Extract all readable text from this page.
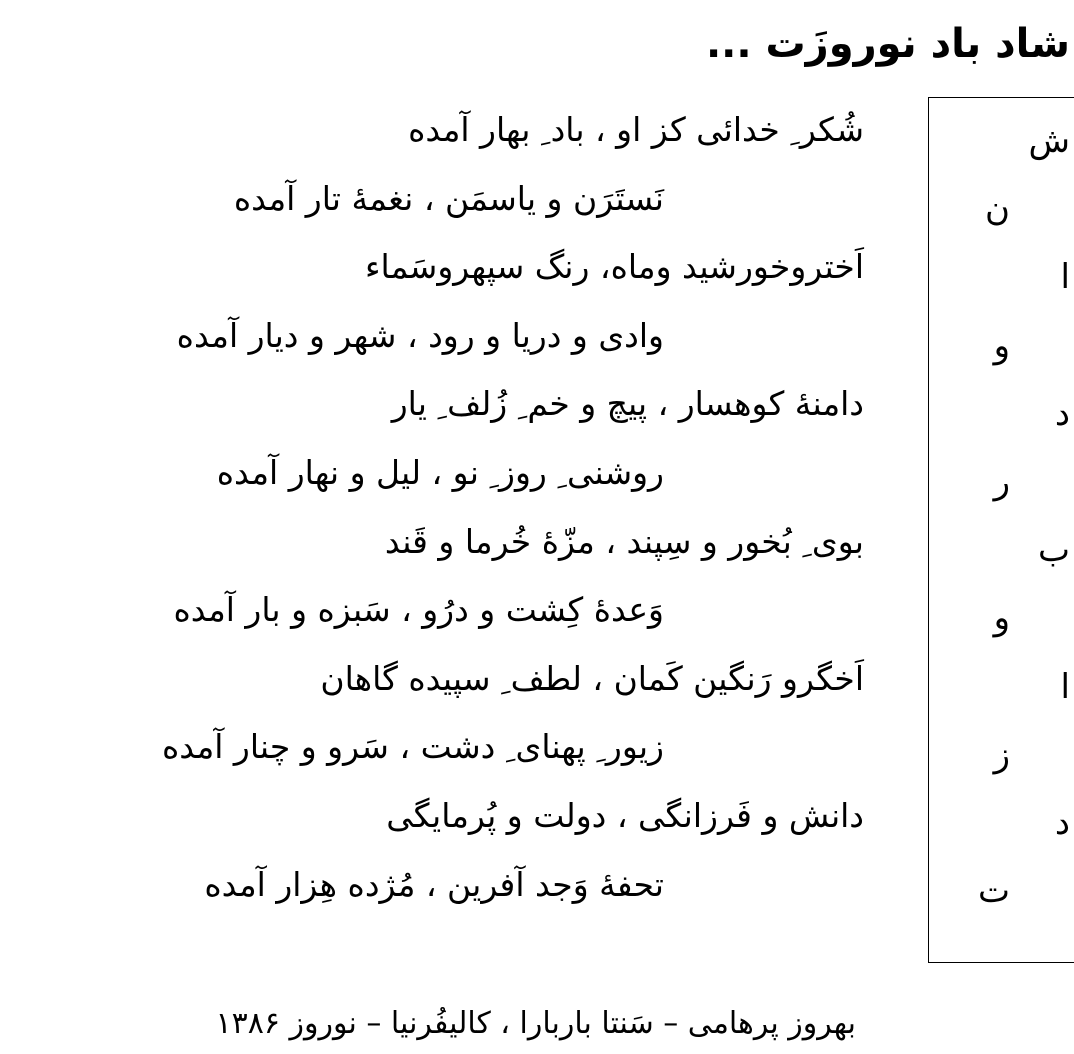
شاد باد نوروزَت ...
ش
ن
ا
و
د
ر
ب
و
ا
ز
د
ت
شُکر ِ خدائی کز او ، باد ِ بهار آمده
نَستَرَن و یاسمَن ، نغمهٔ تار آمده
اَختروخورشید وماه، رنگ سپهروسَماء
وادی و دریا و رود ، شهر و دیار آمده
دامنهٔ کوهسار ، پیچ و خم ِ زُلف ِ یار
روشنی ِ روز ِ نو ، لیل و نهار آمده
بوی ِ بُخور و سِپند ، مزّهٔ خُرما و قَند
وَعدهٔ کِشت و درُو ، سَبزه و بار آمده
اَخگرو رَنگین کَمان ، لطف ِ سپیده گاهان
زیور ِ پهنای ِ دشت ، سَرو و چنار آمده
دانش و فَرزانگی ، دولت و پُرمایگی
تحفهٔ وَجد آفرین ، مُژده هِزار آمده
بهروز پرهامی – سَنتا باربارا ، کالیفُرنیا – نوروز ۱۳۸۶
